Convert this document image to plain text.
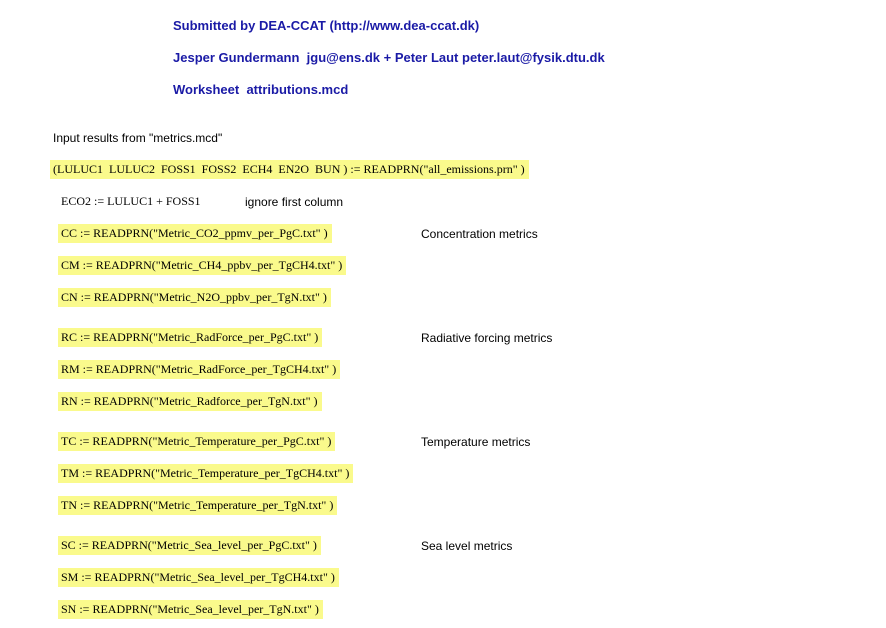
Submitted by DEA-CCAT (http://www.dea-ccat.dk)
Jesper Gundermann  jgu@ens.dk + Peter Laut peter.laut@fysik.dtu.dk
Worksheet  attributions.mcd
Input results from "metrics.mcd"
(LULUC1  LULUC2  FOSS1  FOSS2  ECH4  EN2O  BUN ) := READPRN("all_emissions.prn" )
ECO2 := LULUC1 + FOSS1	ignore first column
CC := READPRN("Metric_CO2_ppmv_per_PgC.txt" )	Concentration metrics
CM := READPRN("Metric_CH4_ppbv_per_TgCH4.txt" )
CN := READPRN("Metric_N2O_ppbv_per_TgN.txt" )
RC := READPRN("Metric_RadForce_per_PgC.txt" )	Radiative forcing metrics
RM := READPRN("Metric_RadForce_per_TgCH4.txt" )
RN := READPRN("Metric_Radforce_per_TgN.txt" )
TC := READPRN("Metric_Temperature_per_PgC.txt" )	Temperature metrics
TM := READPRN("Metric_Temperature_per_TgCH4.txt" )
TN := READPRN("Metric_Temperature_per_TgN.txt" )
SC := READPRN("Metric_Sea_level_per_PgC.txt" )	Sea level metrics
SM := READPRN("Metric_Sea_level_per_TgCH4.txt" )
SN := READPRN("Metric_Sea_level_per_TgN.txt" )
